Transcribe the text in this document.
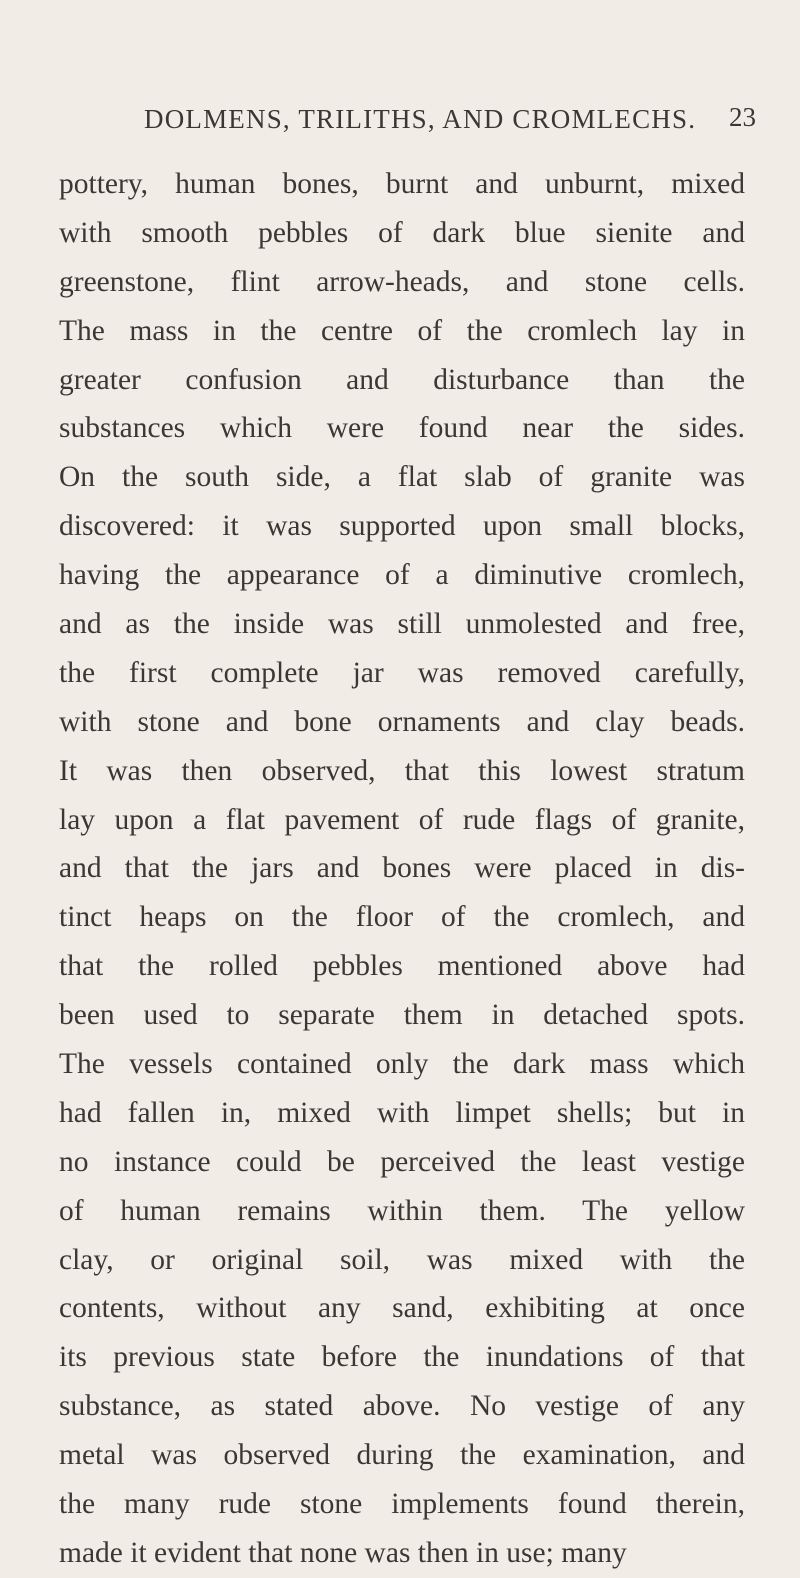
DOLMENS, TRILITHS, AND CROMLECHS. 23
pottery, human bones, burnt and unburnt, mixed
with smooth pebbles of dark blue sienite and
greenstone, flint arrow-heads, and stone cells.
The mass in the centre of the cromlech lay in
greater confusion and disturbance than the
substances which were found near the sides.
On the south side, a flat slab of granite was
discovered: it was supported upon small blocks,
having the appearance of a diminutive cromlech,
and as the inside was still unmolested and free,
the first complete jar was removed carefully,
with stone and bone ornaments and clay beads.
It was then observed, that this lowest stratum
lay upon a flat pavement of rude flags of granite,
and that the jars and bones were placed in dis-
tinct heaps on the floor of the cromlech, and
that the rolled pebbles mentioned above had
been used to separate them in detached spots.
The vessels contained only the dark mass which
had fallen in, mixed with limpet shells; but in
no instance could be perceived the least vestige
of human remains within them. The yellow
clay, or original soil, was mixed with the
contents, without any sand, exhibiting at once
its previous state before the inundations of that
substance, as stated above. No vestige of any
metal was observed during the examination, and
the many rude stone implements found therein,
made it evident that none was then in use; many
